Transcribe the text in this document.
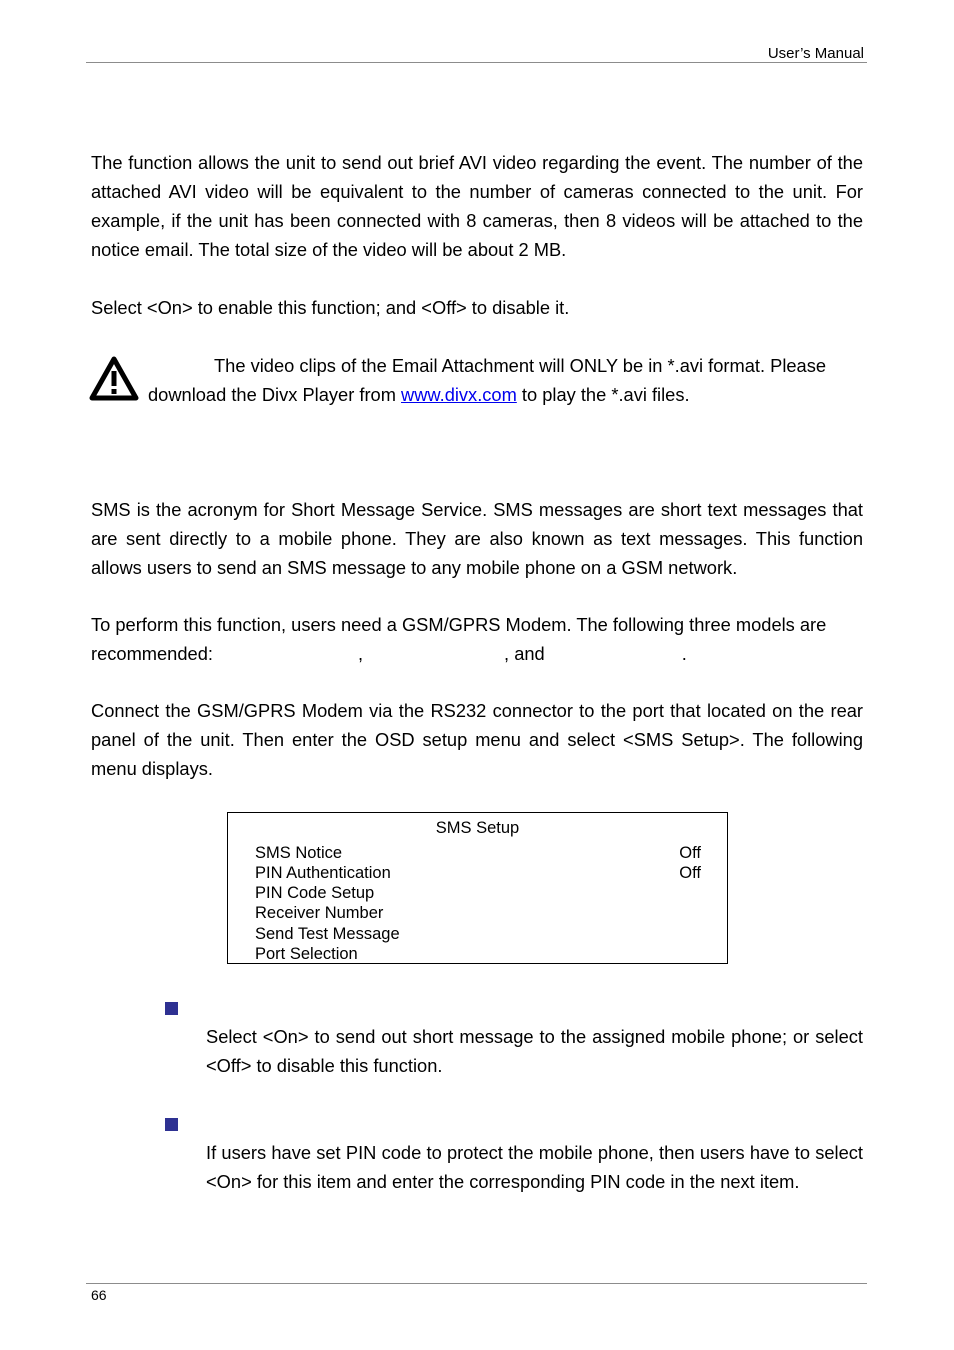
User’s Manual

The function allows the unit to send out brief AVI video regarding the event. The number of the attached AVI video will be equivalent to the number of cameras connected to the unit. For example, if the unit has been connected with 8 cameras, then 8 videos will be attached to the notice email. The total size of the video will be about 2 MB.

Select <On> to enable this function; and <Off> to disable it.

The video clips of the Email Attachment will ONLY be in *.avi format. Please
download the Divx Player from www.divx.com to play the *.avi files.

SMS is the acronym for Short Message Service. SMS messages are short text messages that are sent directly to a mobile phone. They are also known as text messages. This function allows users to send an SMS message to any mobile phone on a GSM network.

To perform this function, users need a GSM/GPRS Modem. The following three models are
recommended:	,	, and	.

Connect the GSM/GPRS Modem via the RS232 connector to the port that located on the rear panel of the unit. Then enter the OSD setup menu and select <SMS Setup>. The following menu displays.

SMS Setup
SMS Notice	Off
PIN Authentication	Off
PIN Code Setup
Receiver Number
Send Test Message
Port Selection

Select <On> to send out short message to the assigned mobile phone; or select <Off> to disable this function.

If users have set PIN code to protect the mobile phone, then users have to select <On> for this item and enter the corresponding PIN code in the next item.

66
